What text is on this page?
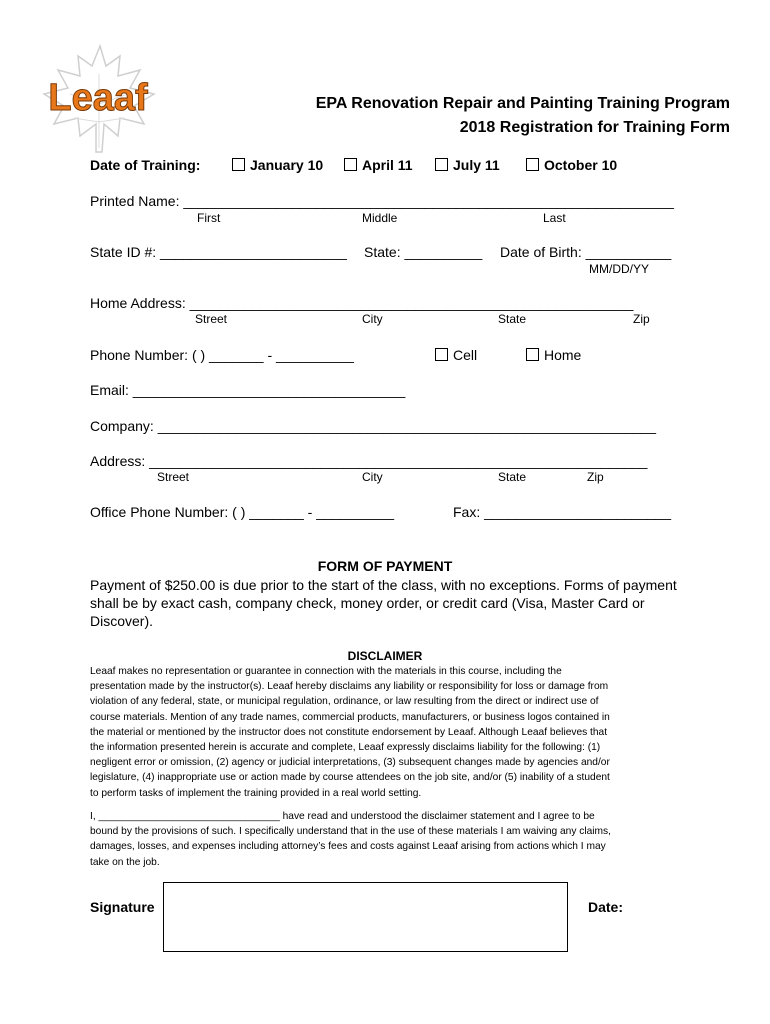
Leaaf	EPA Renovation Repair and Painting Training Program
2018 Registration for Training Form
Date of Training:	January 10	April 11	July 11	October 10
Printed Name: _______________________________________________________________
First	Middle	Last
State ID #: ________________________ State: __________ Date of Birth: ___________
MM/DD/YY
Home Address: _________________________________________________________
Street	City	State	Zip
Phone Number: ( ) _______ - __________	Cell	Home
Email: ___________________________________
Company: ________________________________________________________________
Address: ________________________________________________________________
Street	City	State	Zip
Office Phone Number: ( ) _______ - __________	Fax: ________________________
FORM OF PAYMENT
Payment of $250.00 is due prior to the start of the class, with no exceptions. Forms of payment
shall be by exact cash, company check, money order, or credit card (Visa, Master Card or
Discover).
DISCLAIMER
Leaaf makes no representation or guarantee in connection with the materials in this course, including the
presentation made by the instructor(s). Leaaf hereby disclaims any liability or responsibility for loss or damage from
violation of any federal, state, or municipal regulation, ordinance, or law resulting from the direct or indirect use of
course materials. Mention of any trade names, commercial products, manufacturers, or business logos contained in
the material or mentioned by the instructor does not constitute endorsement by Leaaf. Although Leaaf believes that
the information presented herein is accurate and complete, Leaaf expressly disclaims liability for the following: (1)
negligent error or omission, (2) agency or judicial interpretations, (3) subsequent changes made by agencies and/or
legislature, (4) inappropriate use or action made by course attendees on the job site, and/or (5) inability of a student
to perform tasks of implement the training provided in a real world setting.
I, ________________________________ have read and understood the disclaimer statement and I agree to be
bound by the provisions of such. I specifically understand that in the use of these materials I am waiving any claims,
damages, losses, and expenses including attorney’s fees and costs against Leaaf arising from actions which I may
take on the job.
Signature	Date:
